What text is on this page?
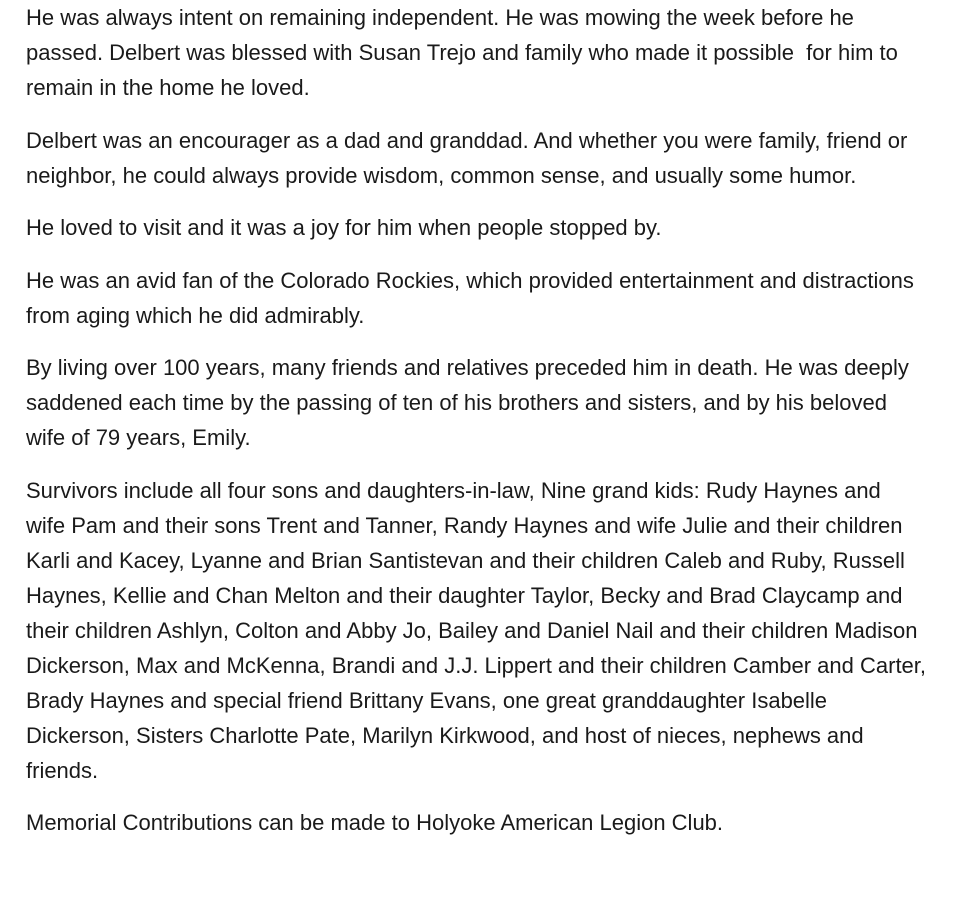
He was always intent on remaining independent. He was mowing the week before he passed. Delbert was blessed with Susan Trejo and family who made it possible  for him to remain in the home he loved.

Delbert was an encourager as a dad and granddad. And whether you were family, friend or neighbor, he could always provide wisdom, common sense, and usually some humor.

He loved to visit and it was a joy for him when people stopped by.

He was an avid fan of the Colorado Rockies, which provided entertainment and distractions from aging which he did admirably.

By living over 100 years, many friends and relatives preceded him in death. He was deeply saddened each time by the passing of ten of his brothers and sisters, and by his beloved wife of 79 years, Emily.

Survivors include all four sons and daughters-in-law, Nine grand kids: Rudy Haynes and wife Pam and their sons Trent and Tanner, Randy Haynes and wife Julie and their children Karli and Kacey, Lyanne and Brian Santistevan and their children Caleb and Ruby, Russell Haynes, Kellie and Chan Melton and their daughter Taylor, Becky and Brad Claycamp and their children Ashlyn, Colton and Abby Jo, Bailey and Daniel Nail and their children Madison Dickerson, Max and McKenna, Brandi and J.J. Lippert and their children Camber and Carter, Brady Haynes and special friend Brittany Evans, one great granddaughter Isabelle Dickerson, Sisters Charlotte Pate, Marilyn Kirkwood, and host of nieces, nephews and friends.

Memorial Contributions can be made to Holyoke American Legion Club.
